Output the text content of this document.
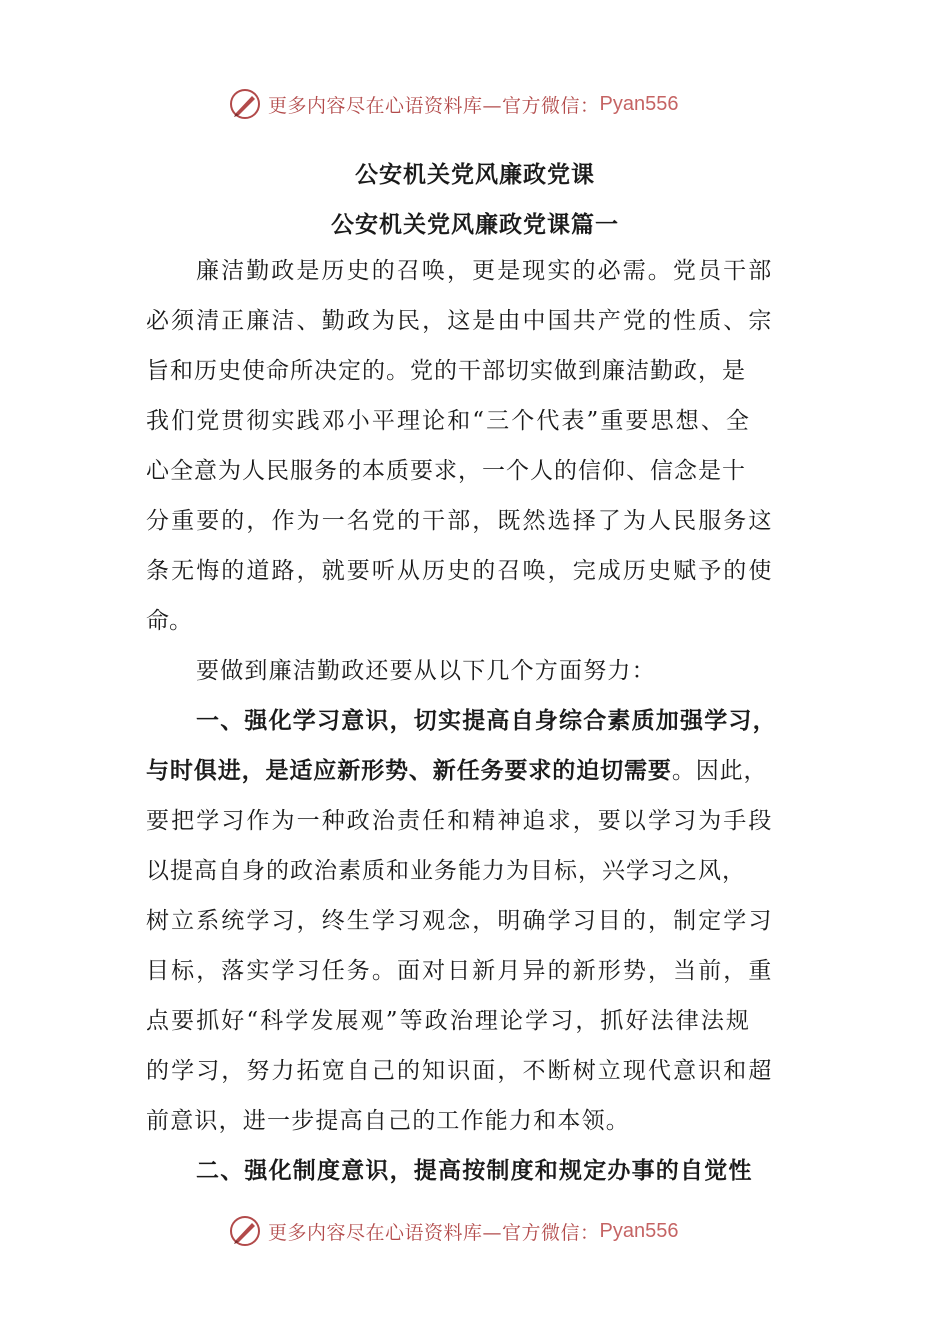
更多内容尽在心语资料库—官方微信： Pyan556
公安机关党风廉政党课
公安机关党风廉政党课篇一
廉洁勤政是历史的召唤，更是现实的必需。党员干部
必须清正廉洁、勤政为民，这是由中国共产党的性质、宗
旨和历史使命所决定的。党的干部切实做到廉洁勤政，是
我们党贯彻实践邓小平理论和“三个代表”重要思想、全
心全意为人民服务的本质要求，一个人的信仰、信念是十
分重要的，作为一名党的干部，既然选择了为人民服务这
条无悔的道路，就要听从历史的召唤，完成历史赋予的使
命。
要做到廉洁勤政还要从以下几个方面努力：
一、强化学习意识，切实提高自身综合素质加强学习，
与时俱进，是适应新形势、新任务要求的迫切需要。因此，
要把学习作为一种政治责任和精神追求，要以学习为手段
以提高自身的政治素质和业务能力为目标，兴学习之风，
树立系统学习，终生学习观念，明确学习目的，制定学习
目标，落实学习任务。面对日新月异的新形势，当前，重
点要抓好“科学发展观”等政治理论学习，抓好法律法规
的学习，努力拓宽自己的知识面，不断树立现代意识和超
前意识，进一步提高自己的工作能力和本领。
二、强化制度意识，提高按制度和规定办事的自觉性
更多内容尽在心语资料库—官方微信： Pyan556
